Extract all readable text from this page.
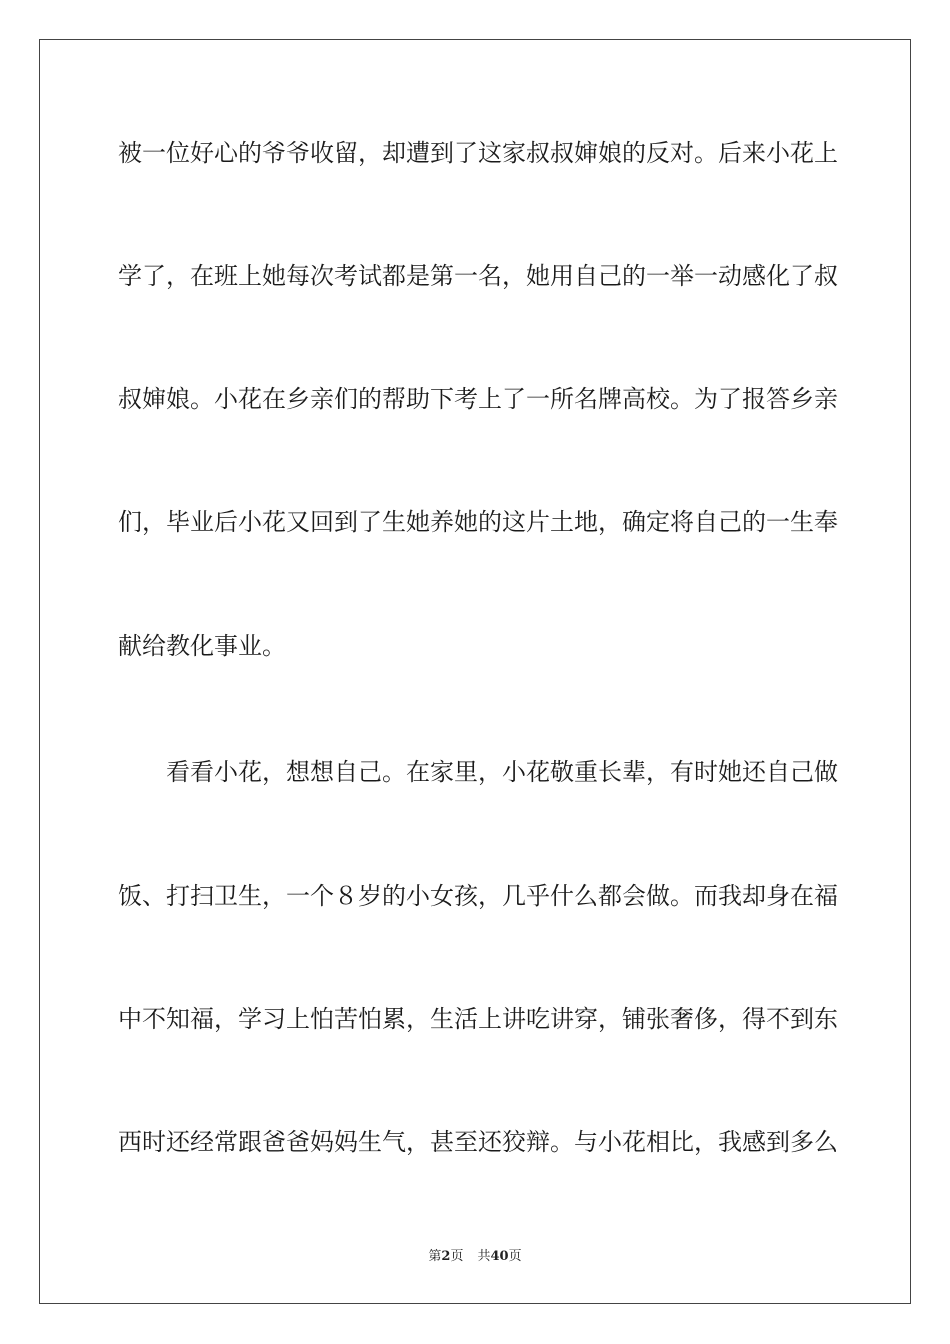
被一位好心的爷爷收留，却遭到了这家叔叔婶娘的反对。后来小花上
学了，在班上她每次考试都是第一名，她用自己的一举一动感化了叔
叔婶娘。小花在乡亲们的帮助下考上了一所名牌高校。为了报答乡亲
们，毕业后小花又回到了生她养她的这片土地，确定将自己的一生奉
献给教化事业。
看看小花，想想自己。在家里，小花敬重长辈，有时她还自己做
饭、打扫卫生，一个８岁的小女孩，几乎什么都会做。而我却身在福
中不知福，学习上怕苦怕累，生活上讲吃讲穿，铺张奢侈，得不到东
西时还经常跟爸爸妈妈生气，甚至还狡辩。与小花相比，我感到多么
第2页 共40页
